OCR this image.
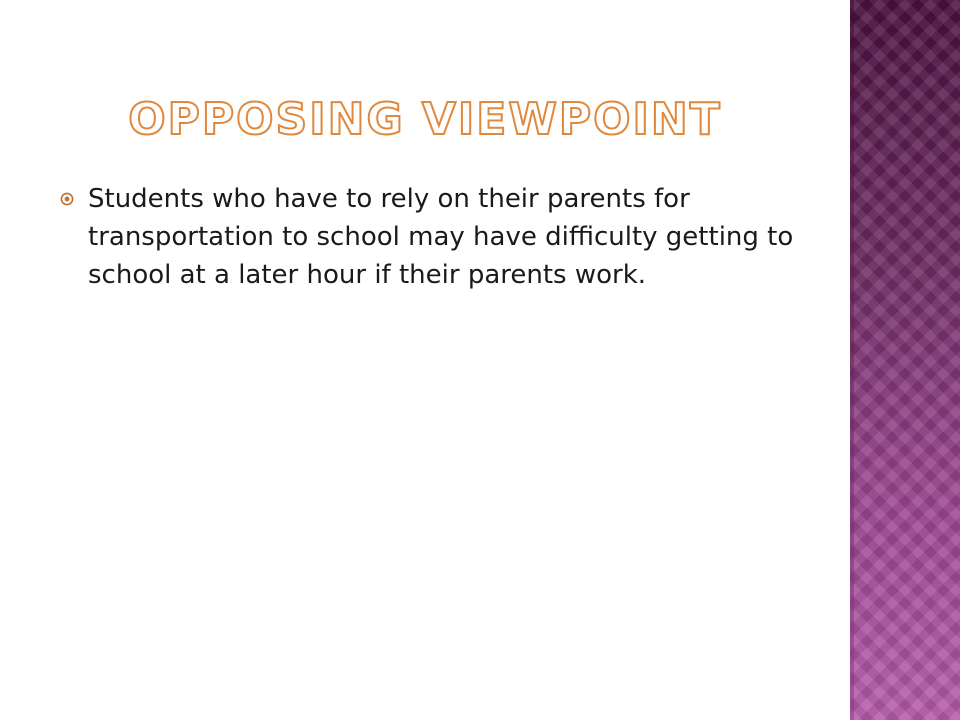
OPPOSING VIEWPOINT
Students who have to rely on their parents for transportation to school may have difficulty getting to school at a later hour if their parents work.
